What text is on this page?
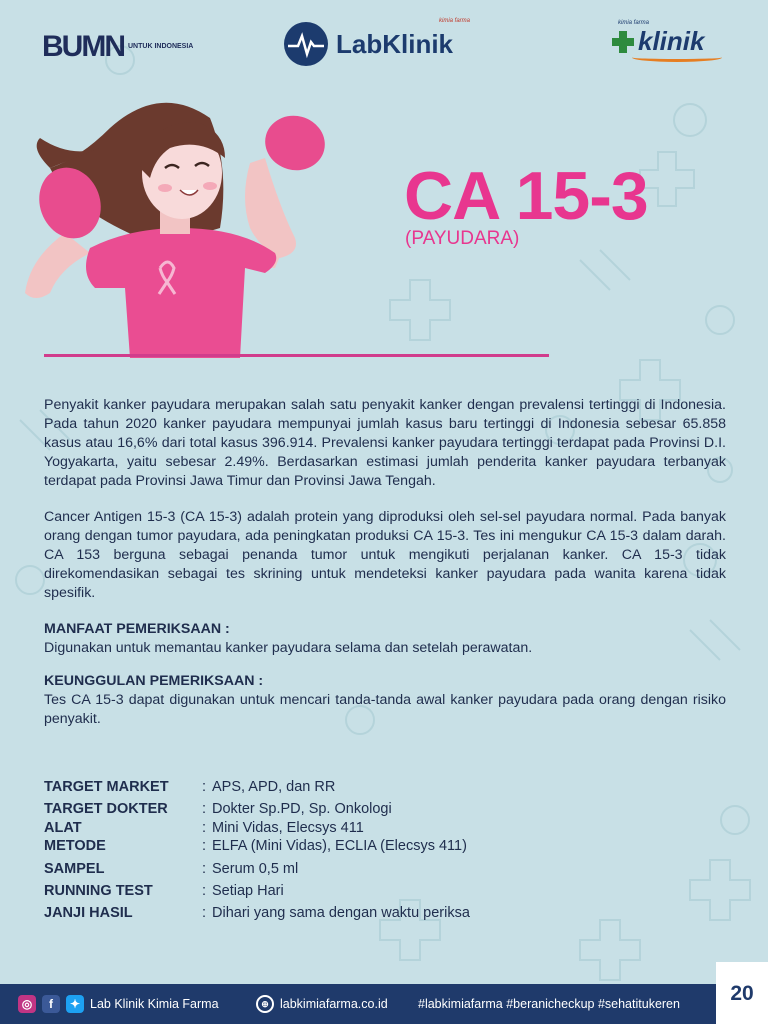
BUMN UNTUK INDONESIA	LabKlinik
kimia farma	kimia farma
klinik
CA 15-3
(PAYUDARA)

Penyakit kanker payudara merupakan salah satu penyakit kanker dengan prevalensi tertinggi di Indonesia. Pada tahun 2020 kanker payudara mempunyai jumlah kasus baru tertinggi di Indonesia sebesar 65.858 kasus atau 16,6% dari total kasus 396.914. Prevalensi kanker payudara tertinggi terdapat pada Provinsi D.I. Yogyakarta, yaitu sebesar 2.49%. Berdasarkan estimasi jumlah penderita kanker payudara terbanyak terdapat pada Provinsi Jawa Timur dan Provinsi Jawa Tengah.

Cancer Antigen 15-3 (CA 15-3) adalah protein yang diproduksi oleh sel-sel payudara normal. Pada banyak orang dengan tumor payudara, ada peningkatan produksi CA 15-3. Tes ini mengukur CA 15-3 dalam darah. CA 153 berguna sebagai penanda tumor untuk mengikuti perjalanan kanker. CA 15-3 tidak direkomendasikan sebagai tes skrining untuk mendeteksi kanker payudara pada wanita karena tidak spesifik.

MANFAAT PEMERIKSAAN :

Digunakan untuk memantau kanker payudara selama dan setelah perawatan.

KEUNGGULAN PEMERIKSAAN :

Tes CA 15-3 dapat digunakan untuk mencari tanda-tanda awal kanker payudara pada orang dengan risiko penyakit.

TARGET MARKET	: APS, APD, dan RR
TARGET DOKTER	: Dokter Sp.PD, Sp. Onkologi
ALAT	: Mini Vidas, Elecsys 411
METODE	: ELFA (Mini Vidas), ECLIA (Elecsys 411)
SAMPEL	: Serum 0,5 ml
RUNNING TEST	: Setiap Hari
JANJI HASIL	: Dihari yang sama dengan waktu periksa
◎	f	✦ Lab Klinik Kimia Farma	⊕ labkimiafarma.co.id #labkimiafarma #beranicheckup #sehatitukeren	20
